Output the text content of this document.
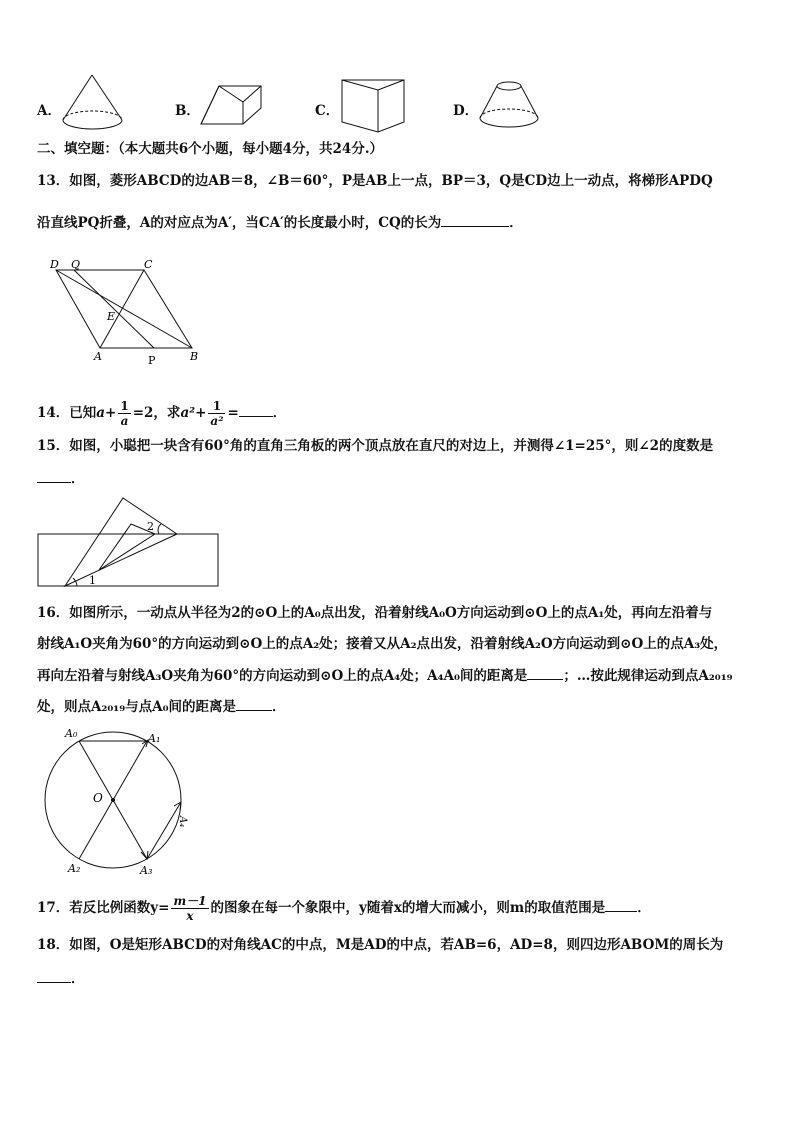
A．	B．	C．	D．
二、填空题：（本大题共6个小题，每小题4分，共24分.）
13．如图，菱形ABCD的边AB＝8，∠B＝60°，P是AB上一点，BP＝3，Q是CD边上一动点，将梯形APDQ
沿直线PQ折叠，A的对应点为A′，当CA′的长度最小时，CQ的长为	．
D Q	C
E
A	P	B
14．已知$a+ \frac{1}{a} =2$，求$a^2+ \frac{1}{\text{a²}}$ =	．
15．如图，小聪把一块含有60°角的直角三角板的两个顶点放在直尺的对边上，并测得∠1=25°，则∠2的度数是
．
1
2
16．如图所示，一动点从半径为2的⊙O上的A₀点出发，沿着射线A₀O方向运动到⊙O上的点A₁处，再向左沿着与
射线A₁O夹角为60°的方向运动到⊙O上的点A₂处；接着又从A₂点出发，沿着射线A₂O方向运动到⊙O上的点A₃处，
再向左沿着与射线A₃O夹角为60°的方向运动到⊙O上的点A₄处；A₄A₀间的距离是	；…按此规律运动到点A₂₀₁₉
处，则点A₂₀₁₉与点A₀间的距离是	．
O
A₀	A₁
A₂	A₃
A₄
17．若反比例函数$y= \frac{m-1}{x}$ 的图象在每一个象限中，y随着x的增大而减小，则m的取值范围是 ．
18．如图，O是矩形ABCD的对角线AC的中点，M是AD的中点，若AB=6，AD=8，则四边形ABOM的周长为
．
